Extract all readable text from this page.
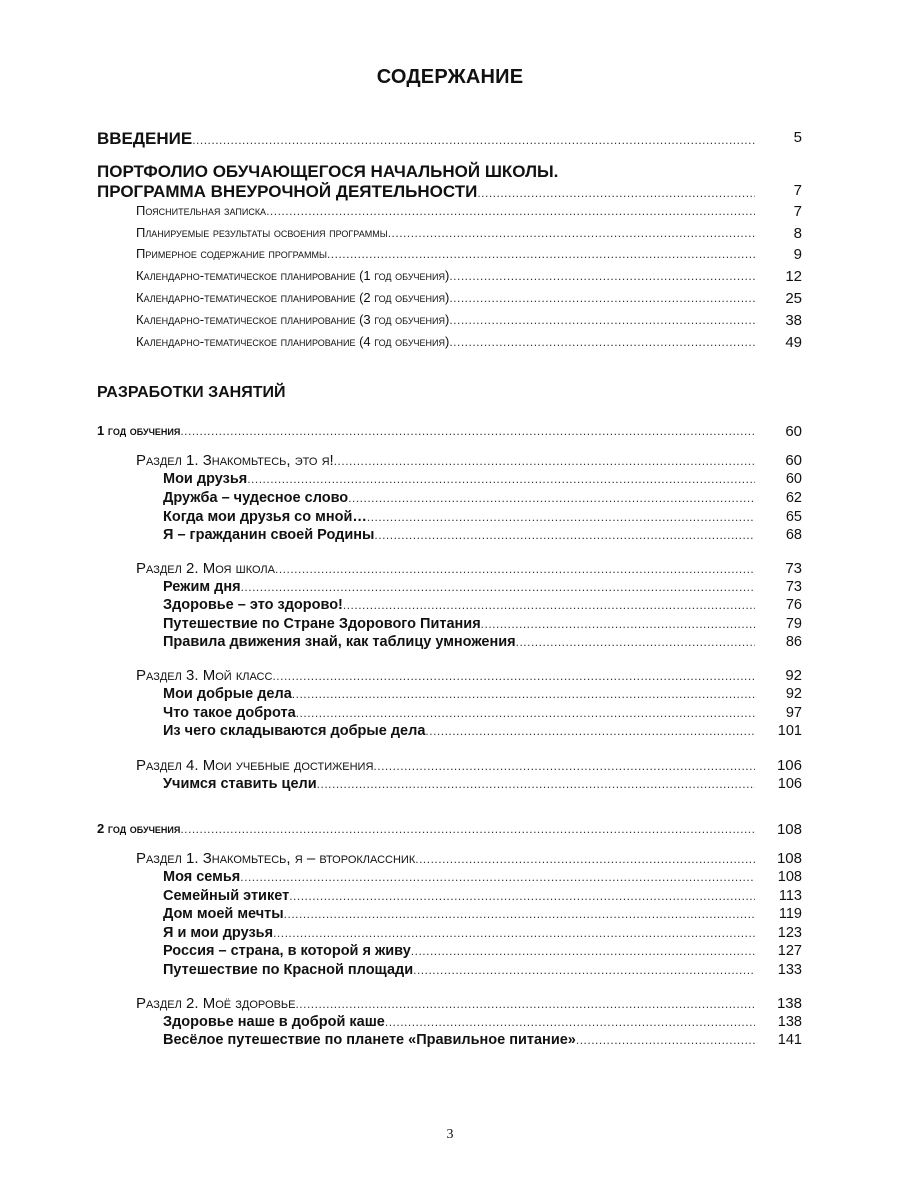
СОДЕРЖАНИЕ
ВВЕДЕНИЕ .....	5
ПОРТФОЛИО ОБУЧАЮЩЕГОСЯ НАЧАЛЬНОЙ ШКОЛЫ.
ПРОГРАММА ВНЕУРОЧНОЙ ДЕЯТЕЛЬНОСТИ .....	7
Пояснительная записка .....	7
Планируемые результаты освоения программы .....	8
Примерное содержание программы .....	9
Календарно-тематическое планирование (1 год обучения) .....	12
Календарно-тематическое планирование (2 год обучения) .....	25
Календарно-тематическое планирование (3 год обучения) .....	38
Календарно-тематическое планирование (4 год обучения) .....	49
РАЗРАБОТКИ ЗАНЯТИЙ
1 год обучения .....	60
Раздел 1. Знакомьтесь, это я! .....	60
Мои друзья .....	60
Дружба – чудесное слово .....	62
Когда мои друзья со мной… .....	65
Я – гражданин своей Родины .....	68
Раздел 2. Моя школа .....	73
Режим дня .....	73
Здоровье – это здорово! .....	76
Путешествие по Стране Здорового Питания .....	79
Правила движения знай, как таблицу умножения .....	86
Раздел 3. Мой класс .....	92
Мои добрые дела .....	92
Что такое доброта .....	97
Из чего складываются добрые дела .....	101
Раздел 4. Мои учебные достижения .....	106
Учимся ставить цели .....	106
2 год обучения .....	108
Раздел 1. Знакомьтесь, я – второклассник .....	108
Моя семья .....	108
Семейный этикет .....	113
Дом моей мечты .....	119
Я и мои друзья .....	123
Россия – страна, в которой я живу .....	127
Путешествие по Красной площади .....	133
Раздел 2. Моё здоровье .....	138
Здоровье наше в доброй каше .....	138
Весёлое путешествие по планете «Правильное питание» .....	141
3
